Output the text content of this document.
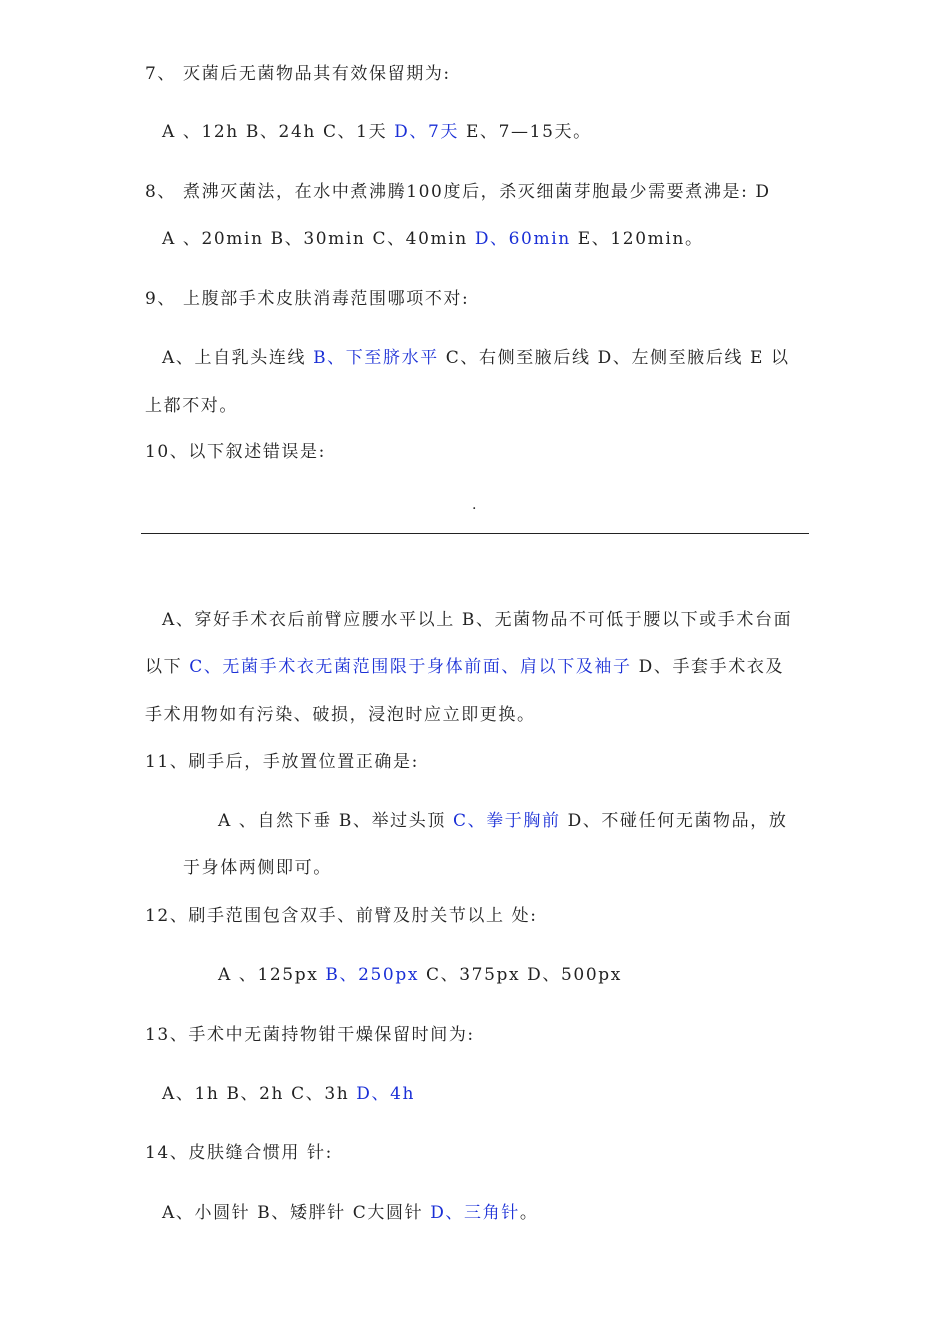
7、 灭菌后无菌物品其有效保留期为:
A 、12h B、24h C、1天 D、7天 E、7—15天。
8、 煮沸灭菌法，在水中煮沸腾100度后，杀灭细菌芽胞最少需要煮沸是: D
A 、20min B、30min C、40min D、60min E、120min。
9、 上腹部手术皮肤消毒范围哪项不对:
A、上自乳头连线 B、下至脐水平 C、右侧至腋后线 D、左侧至腋后线 E 以
上都不对。
10、以下叙述错误是:
.
A、穿好手术衣后前臂应腰水平以上 B、无菌物品不可低于腰以下或手术台面
以下 C、无菌手术衣无菌范围限于身体前面、肩以下及袖子 D、手套手术衣及
手术用物如有污染、破损，浸泡时应立即更换。
11、刷手后，手放置位置正确是:
A 、自然下垂 B、举过头顶 C、拳于胸前 D、不碰任何无菌物品，放
于身体两侧即可。
12、刷手范围包含双手、前臂及肘关节以上 处:
A 、125px B、250px C、375px D、500px
13、手术中无菌持物钳干燥保留时间为:
A、1h B、2h C、3h D、4h
14、皮肤缝合惯用 针:
A、小圆针 B、矮胖针 C大圆针 D、三角针。
